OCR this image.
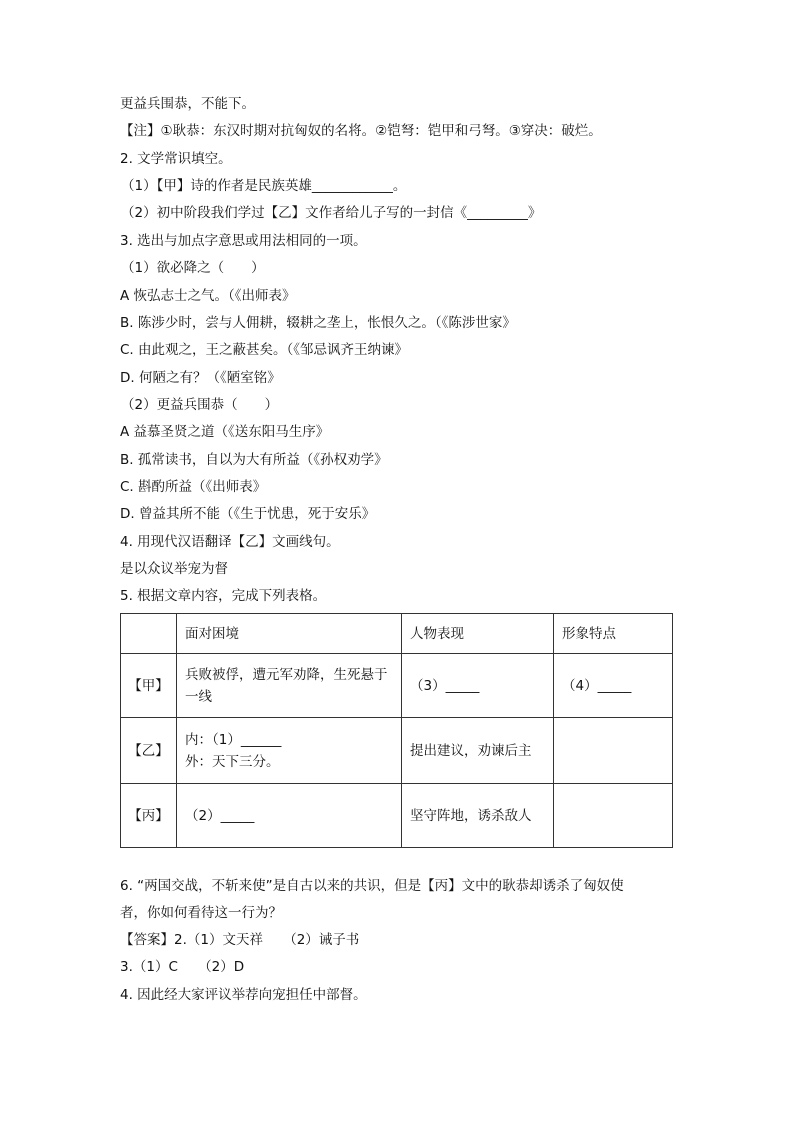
更益兵围恭，不能下。
【注】①耿恭：东汉时期对抗匈奴的名将。②铠弩：铠甲和弓弩。③穿决：破烂。
2. 文学常识填空。
（1）【甲】诗的作者是民族英雄____________。
（2）初中阶段我们学过【乙】文作者给儿子写的一封信《_________》
3. 选出与加点字意思或用法相同的一项。
（1）欲必降之（　　）
A 恢弘志士之气。（《出师表》
B. 陈涉少时，尝与人佣耕，辍耕之垄上，怅恨久之。（《陈涉世家》
C. 由此观之，王之蔽甚矣。（《邹忌讽齐王纳谏》
D. 何陋之有？（《陋室铭》
（2）更益兵围恭（　　）
A 益慕圣贤之道（《送东阳马生序》
B. 孤常读书，自以为大有所益（《孙权劝学》
C. 斟酌所益（《出师表》
D. 曾益其所不能（《生于忧患，死于安乐》
4. 用现代汉语翻译【乙】文画线句。
是以众议举宠为督
5. 根据文章内容，完成下列表格。
	面对困境	人物表现	形象特点
【甲】	兵败被俘，遭元军劝降，生死悬于
一线	（3）_____	（4）_____
【乙】	内：（1）______
外：天下三分。	提出建议，劝谏后主	
【丙】	（2）_____	坚守阵地，诱杀敌人	
6. “两国交战，不斩来使”是自古以来的共识，但是【丙】文中的耿恭却诱杀了匈奴使
者，你如何看待这一行为？
【答案】2.（1）文天祥　　（2）诫子书
3.（1）C　　（2）D
4. 因此经大家评议举荐向宠担任中部督。
